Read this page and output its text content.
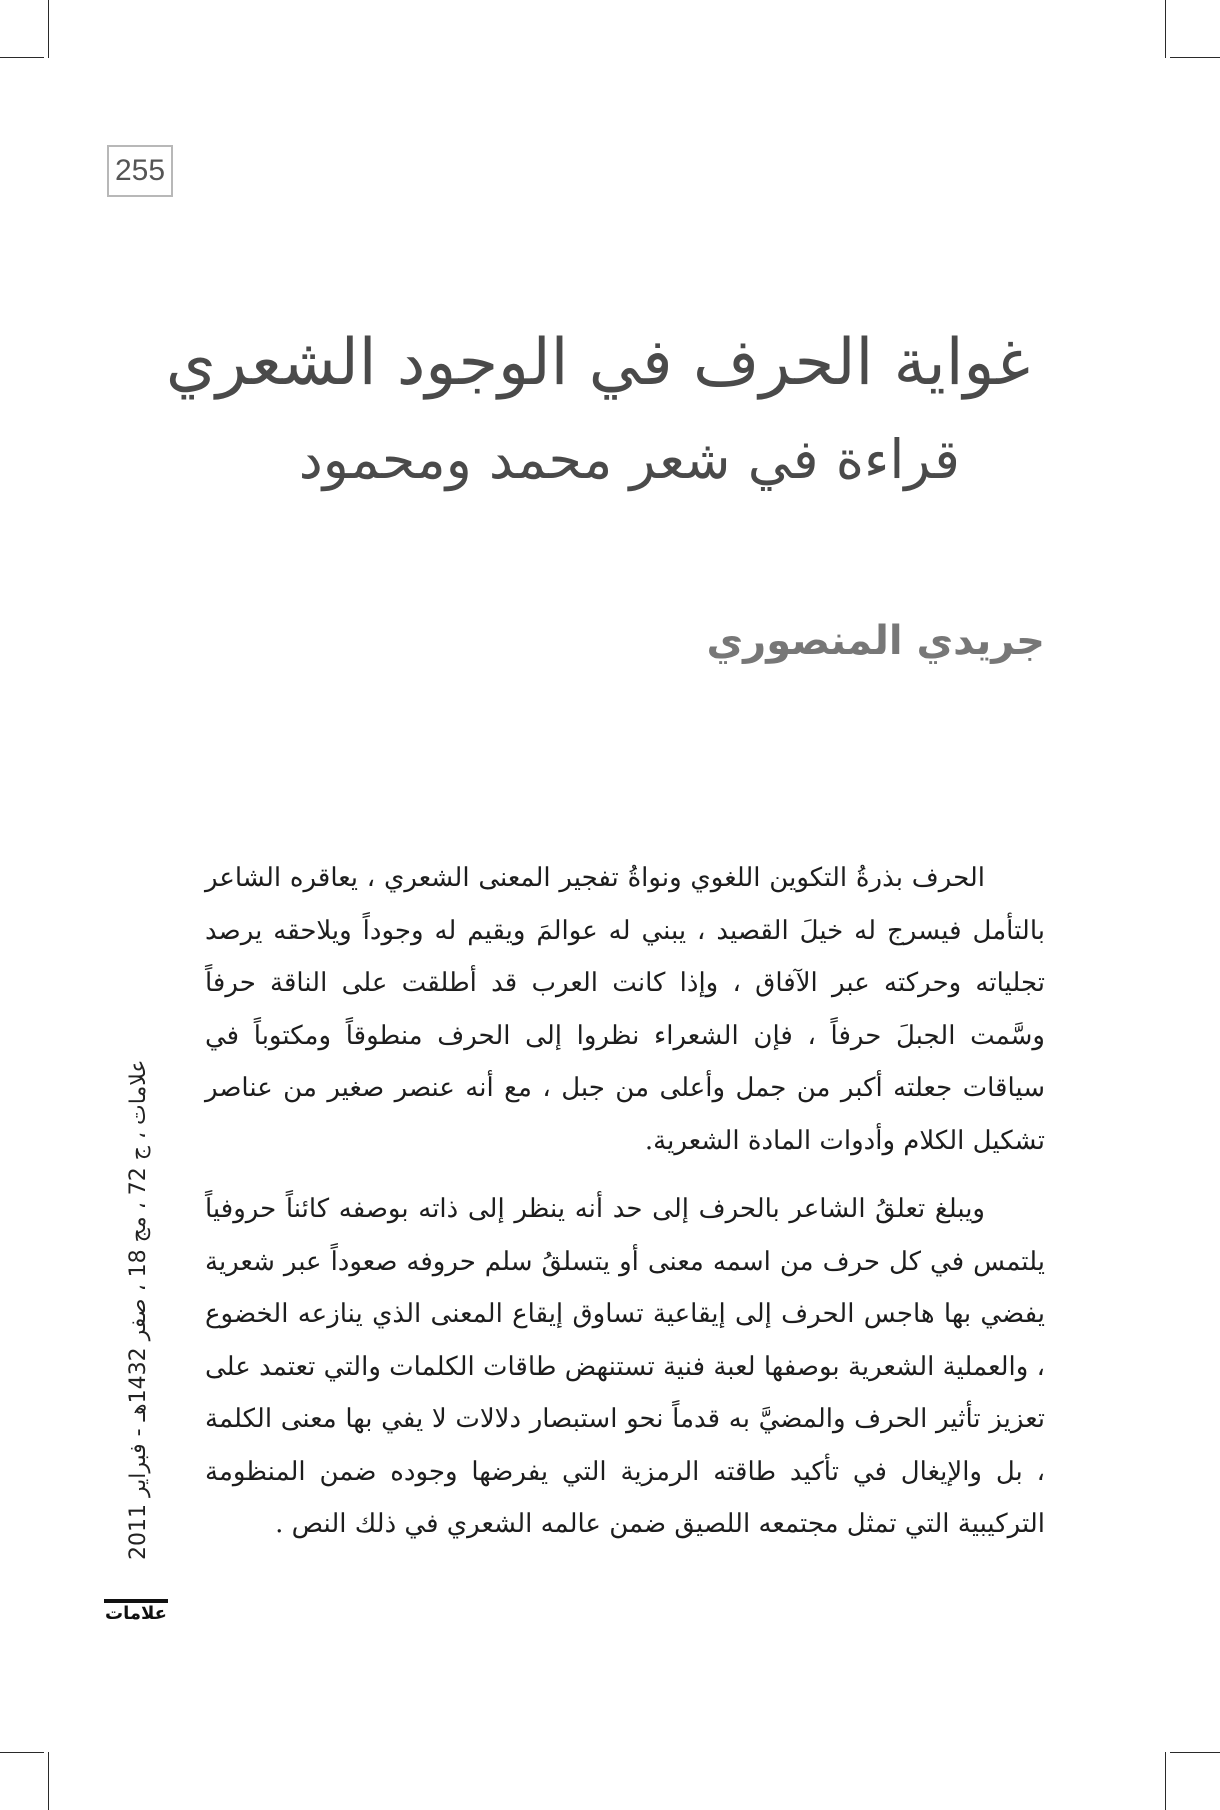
255
غواية الحرف في الوجود الشعري
قراءة في شعر محمد ومحمود
جريدي المنصوري

الحرف بذرةُ التكوين اللغوي ونواةُ تفجير المعنى الشعري ، يعاقره الشاعر بالتأمل فيسرج له خيلَ القصيد ، يبني له عوالمَ ويقيم له وجوداً ويلاحقه يرصد تجلياته وحركته عبر الآفاق ، وإذا كانت العرب قد أطلقت على الناقة حرفاً وسَّمت الجبلَ حرفاً ، فإن الشعراء نظروا إلى الحرف منطوقاً ومكتوباً في سياقات جعلته أكبر من جمل وأعلى من جبل ، مع أنه عنصر صغير من عناصر تشكيل الكلام وأدوات المادة الشعرية.

ويبلغ تعلقُ الشاعر بالحرف إلى حد أنه ينظر إلى ذاته بوصفه كائناً حروفياً يلتمس في كل حرف من اسمه معنى أو يتسلقُ سلم حروفه صعوداً عبر شعرية يفضي بها هاجس الحرف إلى إيقاعية تساوق إيقاع المعنى الذي ينازعه الخضوع ، والعملية الشعرية بوصفها لعبة فنية تستنهض طاقات الكلمات والتي تعتمد على تعزيز تأثير الحرف والمضيَّ به قدماً نحو استبصار دلالات لا يفي بها معنى الكلمة ، بل والإيغال في تأكيد طاقته الرمزية التي يفرضها وجوده ضمن المنظومة التركيبية التي تمثل مجتمعه اللصيق ضمن عالمه الشعري في ذلك النص .

علامات ، ج 72 ، مج 18 ، صفر 1432هـ - فبراير 2011
علامات
